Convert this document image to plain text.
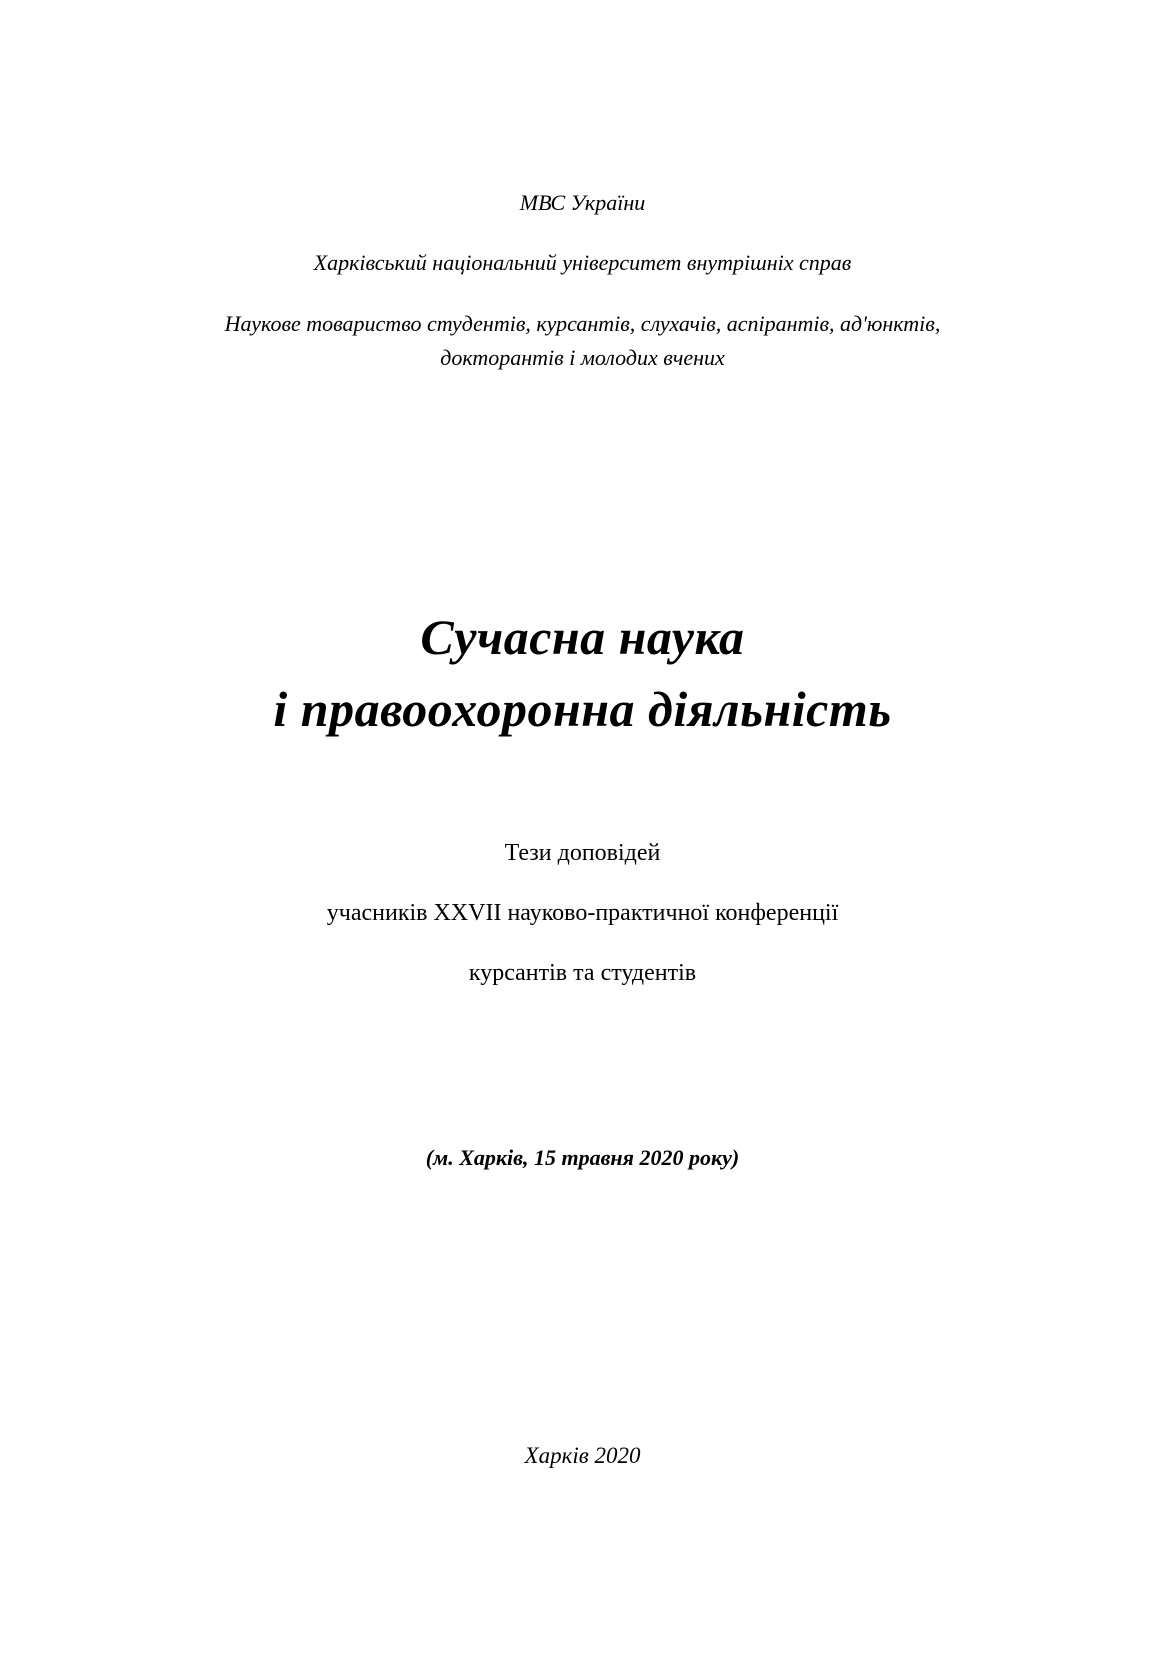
МВС України
Харківський національний університет внутрішніх справ
Наукове товариство студентів, курсантів, слухачів, аспірантів, ад'юнктів,
докторантів і молодих вчених
Сучасна наука
і правоохоронна діяльність
Тези доповідей
учасників XXVII науково-практичної конференції
курсантів та студентів
(м. Харків, 15 травня 2020 року)
Харків 2020
